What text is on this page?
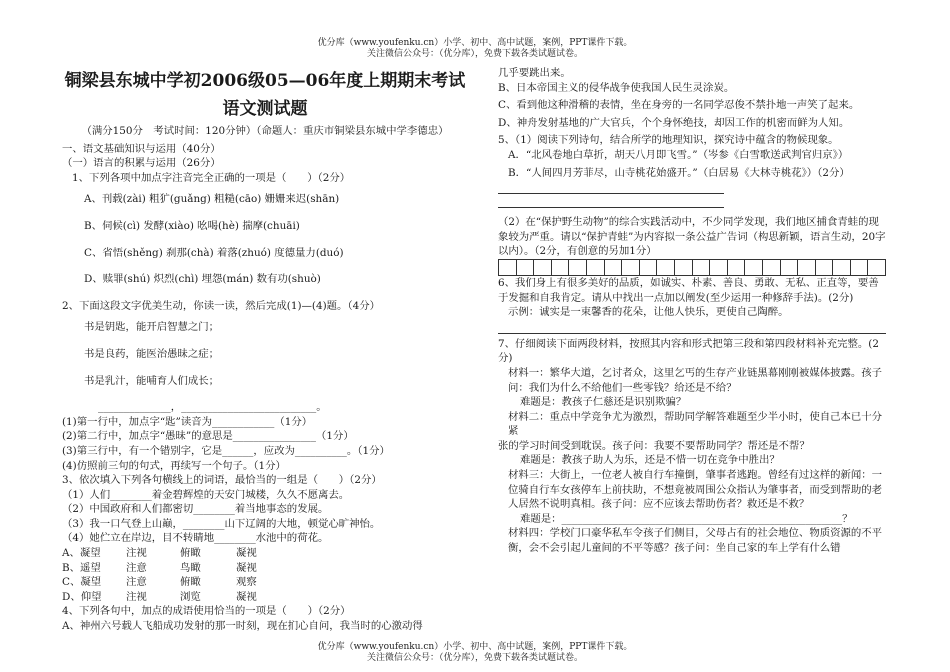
优分库（www.youfenku.cn）小学、初中、高中试题，案例，PPT课件下载。
关注微信公众号：（优分库），免费下载各类试题试卷。

铜梁县东城中学初2006级05—06年度上期期末考试

语文测试题

（满分150分　考试时间：120分钟）（命题人：重庆市铜梁县东城中学李德忠）

一、语文基础知识与运用（40分）

（一）语言的积累与运用（26分）

1、下列各项中加点字注音完全正确的一项是（　　）（2分）

A、刊载(zài) 粗犷(guǎng) 粗糙(cāo) 姗姗来迟(shān)

B、伺候(cì) 发酵(xiào) 吆喝(hè) 揣摩(chuāi)

C、省悟(shěng) 刹那(chà) 着落(zhuó) 度德量力(duó)

D、赎罪(shú) 炽烈(chì) 埋怨(mán) 数有功(shuò)

2、下面这段文字优美生动，你读一读，然后完成(1)—(4)题。（4分）

书是钥匙，能开启智慧之门；

书是良药，能医治愚昧之症；

书是乳汁，能哺育人们成长；

______________，__________________________。

(1)第一行中，加点字“匙”读音为____________（1分）

(2)第二行中，加点字“愚昧”的意思是________________（1分）

(3)第三行中，有一个错别字，它是______，应改为__________。（1分）

(4)仿照前三句的句式，再续写一个句子。（1分）

3、依次填入下列各句横线上的词语，最恰当的一组是（　　）（2分）

（1）人们________着金碧辉煌的天安门城楼，久久不愿离去。

（2）中国政府和人们都密切________着当地事态的发展。

（3）我一口气登上山巅，________山下辽阔的大地，顿觉心旷神怡。

（4）她伫立在岸边，目不转睛地________水池中的荷花。

A、凝望	注视	俯瞰	凝视
B、遥望	注意	鸟瞰	凝视
C、凝望	注意	俯瞰	观察
D、仰望	注视	浏览	凝视

4、下列各句中，加点的成语使用恰当的一项是（　　）（2分）

A、神州六号载人飞船成功发射的那一时刻，现在扪心自问，我当时的心激动得

几乎要跳出来。

B、日本帝国主义的侵华战争使我国人民生灵涂炭。

C、看到他这种滑稽的表情，坐在身旁的一名同学忍俊不禁扑地一声笑了起来。

D、神舟发射基地的广大官兵，个个身怀绝技，却因工作的机密而鲜为人知。

5、（1）阅读下列诗句，结合所学的地理知识，探究诗中蕴含的物候现象。

A．“北风卷地白草折，胡天八月即飞雪。”（岑参《白雪歌送武判官归京》）

B．“人间四月芳菲尽，山寺桃花始盛开。”（白居易《大林寺桃花》）（2分）

（2）在“保护野生动物”的综合实践活动中，不少同学发现，我们地区捕食青蛙的现象较为严重。请以“保护青蛙”为内容拟一条公益广告词（构思新颖，语言生动，20字以内）。（2分，有创意的另加1分）

6、我们身上有很多美好的品质，如诚实、朴素、善良、勇敢、无私、正直等，要善于发掘和自我肯定。请从中找出一点加以阐发(至少运用一种修辞手法)。(2分)

示例：诚实是一束馨香的花朵，让他人快乐，更使自己陶醉。

7、仔细阅读下面两段材料，按照其内容和形式把第三段和第四段材料补充完整。(2分)

材料一：繁华大道，乞讨者众，这里乞丐的生存产业链黑幕刚刚被媒体披露。孩子问：我们为什么不给他们一些零钱？给还是不给？

难题是：教孩子仁慈还是识别欺骗？

材料二：重点中学竞争尤为激烈，帮助同学解答难题至少半小时，使自己本已十分紧

张的学习时间受到耽误。孩子问：我要不要帮助同学？帮还是不帮？

难题是：教孩子助人为乐，还是不惜一切在竞争中胜出？

材料三：大街上，一位老人被自行车撞倒，肇事者逃跑。曾经有过这样的新闻：一位骑自行车女孩停车上前扶助，不想竟被周围公众指认为肇事者，而受到帮助的老人居然不说明真相。孩子问：应不应该去帮助伤者？救还是不救？

难题是：______________________________________________________？

材料四：学校门口豪华私车令孩子们侧目，父母占有的社会地位、物质资源的不平衡，会不会引起儿童间的不平等感？孩子问：坐自己家的车上学有什么错

优分库（www.youfenku.cn）小学、初中、高中试题，案例，PPT课件下载。
关注微信公众号：（优分库），免费下载各类试题试卷。
